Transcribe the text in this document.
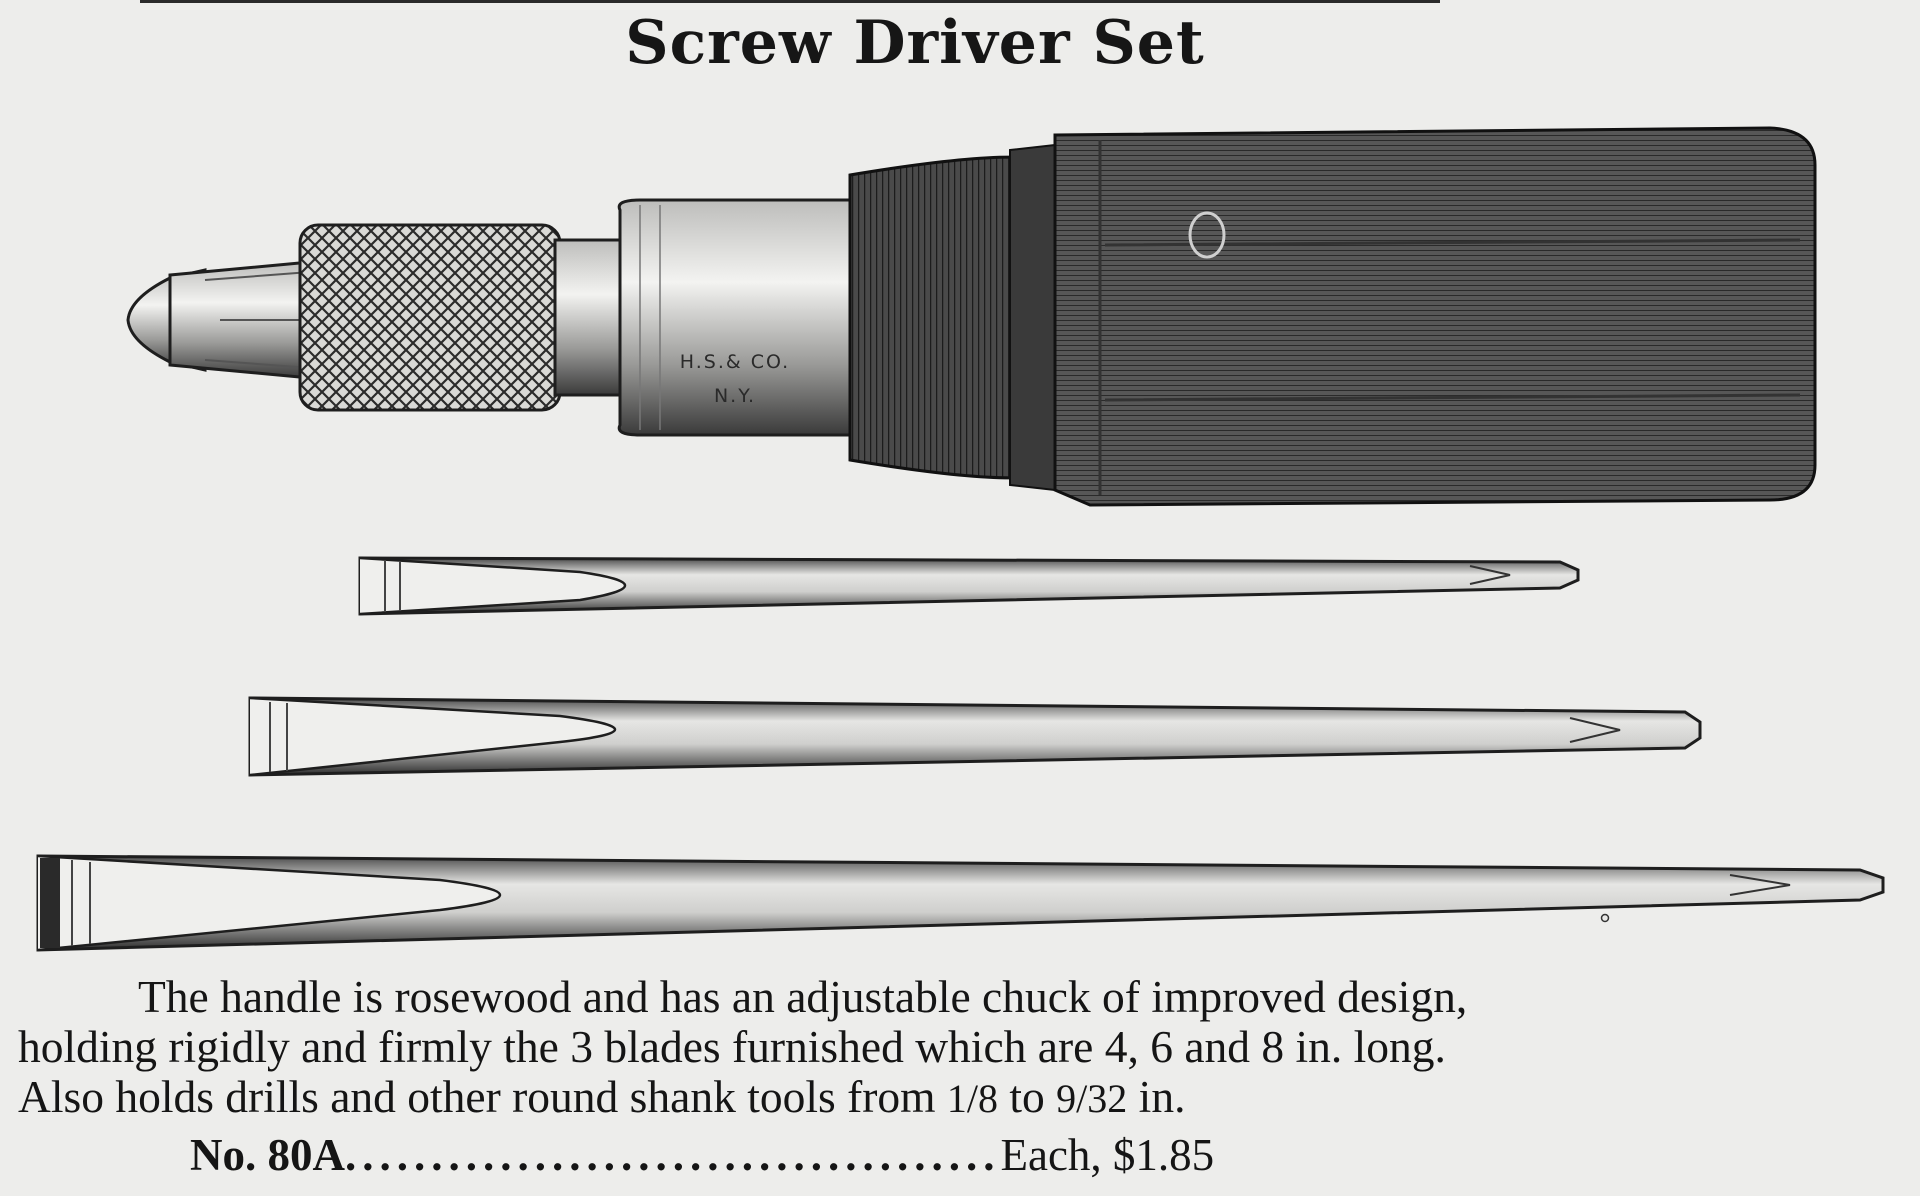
Screw Driver Set
H.S.& CO.
N.Y.

The handle is rosewood and has an adjustable chuck of improved design,

holding rigidly and firmly the 3 blades furnished which are 4, 6 and 8 in. long.

Also holds drills and other round shank tools from 1/8 to 9/32 in.

No. 80A......................................Each, $1.85
